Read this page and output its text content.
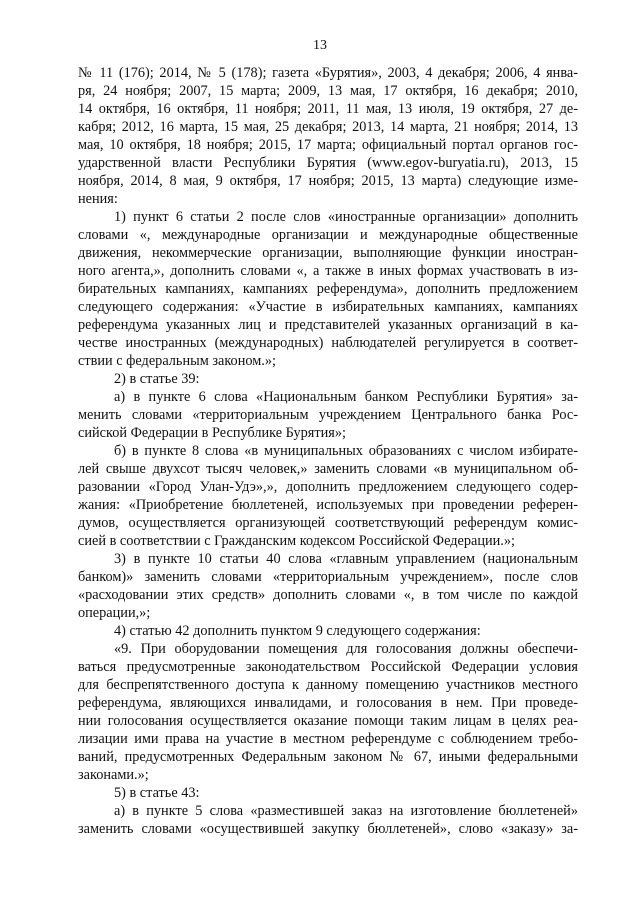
13
№ 11 (176); 2014, № 5 (178); газета «Бурятия», 2003, 4 декабря; 2006, 4 янва-
ря, 24 ноября; 2007, 15 марта; 2009, 13 мая, 17 октября, 16 декабря; 2010,
14 октября, 16 октября, 11 ноября; 2011, 11 мая, 13 июля, 19 октября, 27 де-
кабря; 2012, 16 марта, 15 мая, 25 декабря; 2013, 14 марта, 21 ноября; 2014, 13
мая, 10 октября, 18 ноября; 2015, 17 марта; официальный портал органов гос-
ударственной власти Республики Бурятия (www.egov-buryatia.ru), 2013, 15
ноября, 2014, 8 мая, 9 октября, 17 ноября; 2015, 13 марта) следующие изме-
нения:
1) пункт 6 статьи 2 после слов «иностранные организации» дополнить
словами «, международные организации и международные общественные
движения, некоммерческие организации, выполняющие функции иностран-
ного агента,», дополнить словами «, а также в иных формах участвовать в из-
бирательных кампаниях, кампаниях референдума», дополнить предложением
следующего содержания: «Участие в избирательных кампаниях, кампаниях
референдума указанных лиц и представителей указанных организаций в ка-
честве иностранных (международных) наблюдателей регулируется в соответ-
ствии с федеральным законом.»;
2) в статье 39:
а) в пункте 6 слова «Национальным банком Республики Бурятия» за-
менить словами «территориальным учреждением Центрального банка Рос-
сийской Федерации в Республике Бурятия»;
б) в пункте 8 слова «в муниципальных образованиях с числом избирате-
лей свыше двухсот тысяч человек,» заменить словами «в муниципальном об-
разовании «Город Улан-Удэ»,», дополнить предложением следующего содер-
жания: «Приобретение бюллетеней, используемых при проведении референ-
думов, осуществляется организующей соответствующий референдум комис-
сией в соответствии с Гражданским кодексом Российской Федерации.»;
3) в пункте 10 статьи 40 слова «главным управлением (национальным
банком)» заменить словами «территориальным учреждением», после слов
«расходовании этих средств» дополнить словами «, в том числе по каждой
операции,»;
4) статью 42 дополнить пунктом 9 следующего содержания:
«9. При оборудовании помещения для голосования должны обеспечи-
ваться предусмотренные законодательством Российской Федерации условия
для беспрепятственного доступа к данному помещению участников местного
референдума, являющихся инвалидами, и голосования в нем. При проведе-
нии голосования осуществляется оказание помощи таким лицам в целях реа-
лизации ими права на участие в местном референдуме с соблюдением требо-
ваний, предусмотренных Федеральным законом № 67, иными федеральными
законами.»;
5) в статье 43:
а) в пункте 5 слова «разместившей заказ на изготовление бюллетеней»
заменить словами «осуществившей закупку бюллетеней», слово «заказу» за-
